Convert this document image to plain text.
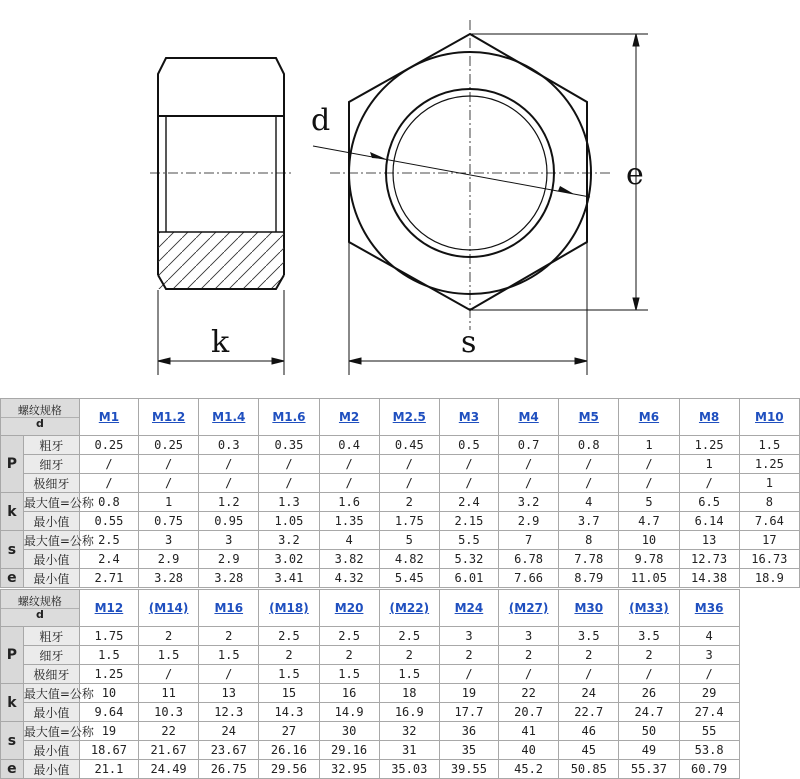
d
k	s
e
螺纹规格
d		M1	M1.2	M1.4	M1.6	M2	M2.5	M3	M4	M5	M6	M8	M10
P	粗牙	0.25	0.25	0.3	0.35	0.4	0.45	0.5	0.7	0.8	1	1.25	1.5
	细牙	/	/	/	/	/	/	/	/	/	/	1	1.25
	极细牙	/	/	/	/	/	/	/	/	/	/	/	1
k	最大值=公称	0.8	1	1.2	1.3	1.6	2	2.4	3.2	4	5	6.5	8
	最小值	0.55	0.75	0.95	1.05	1.35	1.75	2.15	2.9	3.7	4.7	6.14	7.64
s	最大值=公称	2.5	3	3	3.2	4	5	5.5	7	8	10	13	17
	最小值	2.4	2.9	2.9	3.02	3.82	4.82	5.32	6.78	7.78	9.78	12.73	16.73
e	最小值	2.71	3.28	3.28	3.41	4.32	5.45	6.01	7.66	8.79	11.05	14.38	18.9
螺纹规格
d		M12	(M14)	M16	(M18)	M20	(M22)	M24	(M27)	M30	(M33)	M36	
P	粗牙	1.75	2	2	2.5	2.5	2.5	3	3	3.5	3.5	4	
	细牙	1.5	1.5	1.5	2	2	2	2	2	2	2	3	
	极细牙	1.25	/	/	1.5	1.5	1.5	/	/	/	/	/	
k	最大值=公称	10	11	13	15	16	18	19	22	24	26	29	
	最小值	9.64	10.3	12.3	14.3	14.9	16.9	17.7	20.7	22.7	24.7	27.4	
s	最大值=公称	19	22	24	27	30	32	36	41	46	50	55	
	最小值	18.67	21.67	23.67	26.16	29.16	31	35	40	45	49	53.8	
e	最小值	21.1	24.49	26.75	29.56	32.95	35.03	39.55	45.2	50.85	55.37	60.79	
